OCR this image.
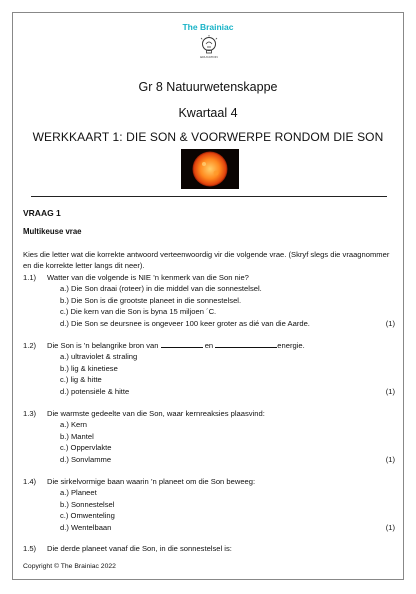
The Brainiac
EDUCATION
Gr 8 Natuurwetenskappe
Kwartaal 4
WERKKAART 1: DIE SON & VOORWERPE RONDOM DIE SON
VRAAG 1
Multikeuse vrae
Kies die letter wat die korrekte antwoord verteenwoordig vir die volgende vrae. (Skryf slegs die vraagnommer en die korrekte letter langs dit neer).
1.1) Watter van die volgende is NIE ’n kenmerk van die Son nie?
a.) Die Son draai (roteer) in die middel van die sonnestelsel.
b.) Die Son is die grootste planeet in die sonnestelsel.
c.) Die kern van die Son is byna 15 miljoen ´C.
d.) Die Son se deursnee is ongeveer 100 keer groter as dié van die Aarde.	(1)
1.2) Die Son is ’n belangrike bron van	en	energie.
a.) ultraviolet & straling
b.) lig & kinetiese
c.) lig & hitte
d.) potensiële & hitte	(1)
1.3) Die warmste gedeelte van die Son, waar kernreaksies plaasvind:
a.) Kern
b.) Mantel
c.) Oppervlakte
d.) Sonvlamme	(1)
1.4) Die sirkelvormige baan waarin ’n planeet om die Son beweeg:
a.) Planeet
b.) Sonnestelsel
c.) Omwenteling
d.) Wentelbaan	(1)
1.5) Die derde planeet vanaf die Son, in die sonnestelsel is:
Copyright © The Brainiac 2022
